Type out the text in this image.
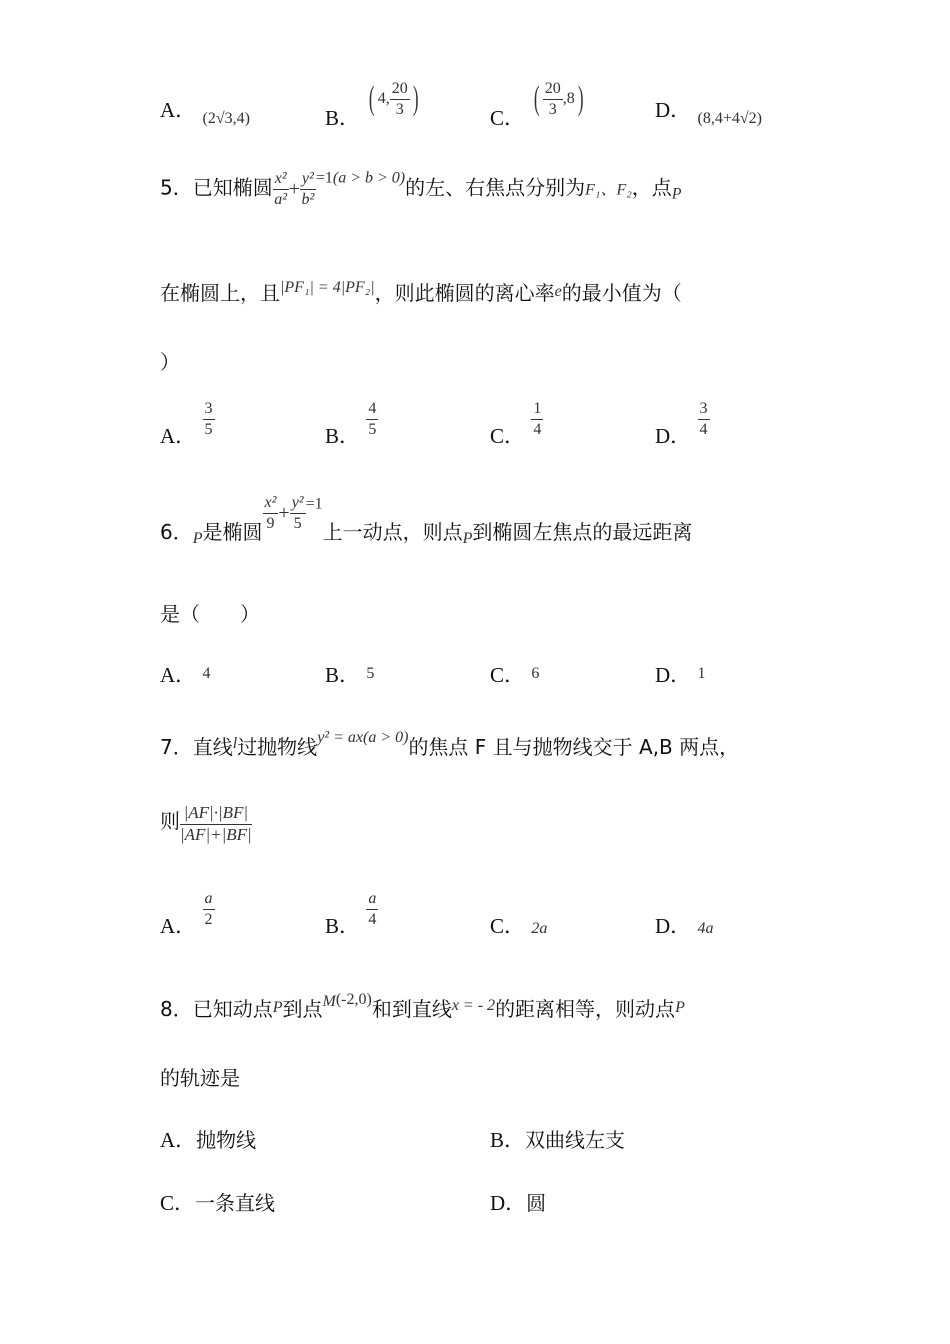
A． $_{(2√3,4)}$	B． ( 4, $\frac{20}{3}$ )
C． ( $\frac{20}{3} ,8$)	D． $_{(8,4+4√2)}$
5．已知椭圆 $\frac{\text{x²}}{\text{a²}} + \frac{\text{y²}}{\text{b²}} ^{=1(a > b > 0)}$的左、右焦点分别为F₁、F₂，点$_P$
在椭圆上，且$^{|PF_1| = 4|PF_2|}$，则此椭圆的离心率$^e$的最小值为（
）
A． $\frac{3}{5}$	B． $\frac{4}{5}$	C． $\frac{1}{4}$	D． $\frac{3}{4}$
6．$_P$是椭圆 $\frac{\text{x²}}{9} + \frac{\text{y²}}{5} ^{=1}$上一动点，则点$_P$到椭圆左焦点的最远距离
是（　　）
A． $^4$	B． $^5$	C． $^6$	D． $^1$
7．直线$^l$过抛物线$^{y^2 = ax(a > 0)}$的焦点 F 且与抛物线交于 A,B 两点，
则 $\frac{|AF|\cdot|BF|}{|AF|+|BF|}$
A． $\frac{a}{2}$	B． $\frac{a}{4}$	C． 2a	D． 4a
8．已知动点$^P$到点$^{M(-2,0)}$和到直线$^{x = - 2}$的距离相等，则动点$^P$
的轨迹是
A．抛物线	B．双曲线左支
C．一条直线	D．圆
